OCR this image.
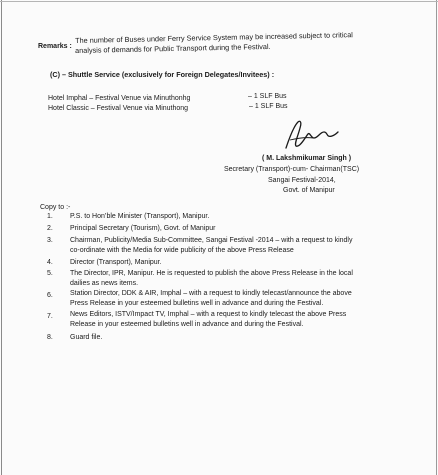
Remarks :
The number of Buses under Ferry Service System may be increased subject to critical
analysis of demands for Public Transport during the Festival.
(C) – Shuttle Service (exclusively for Foreign Delegates/Invitees) :
Hotel Imphal – Festival Venue via Minuthonhg	– 1 SLF Bus
Hotel Classic – Festival Venue via Minuthong	– 1 SLF Bus
( M. Lakshmikumar Singh )
Secretary (Transport)-cum- Chairman(TSC)
Sangai Festival-2014,
Govt. of Manipur
Copy to :-
1. P.S. to Hon’ble Minister (Transport), Manipur.
2. Principal Secretary (Tourism), Govt. of Manipur
3. Chairman, Publicity/Media Sub-Committee, Sangai Festival -2014 – with a request to kindly
co-ordinate with the Media for wide publicity of the above Press Release
4. Director (Transport), Manipur.
5. The Director, IPR, Manipur. He is requested to publish the above Press Release in the local
dailies as news items.
6. Station Director, DDK & AIR, Imphal – with a request to kindly telecast/announce the above
Press Release in your esteemed bulletins well in advance and during the Festival.
7. News Editors, ISTV/Impact TV, Imphal – with a request to kindly telecast the above Press
Release in your esteemed bulletins well in advance and during the Festival.
8. Guard file.
